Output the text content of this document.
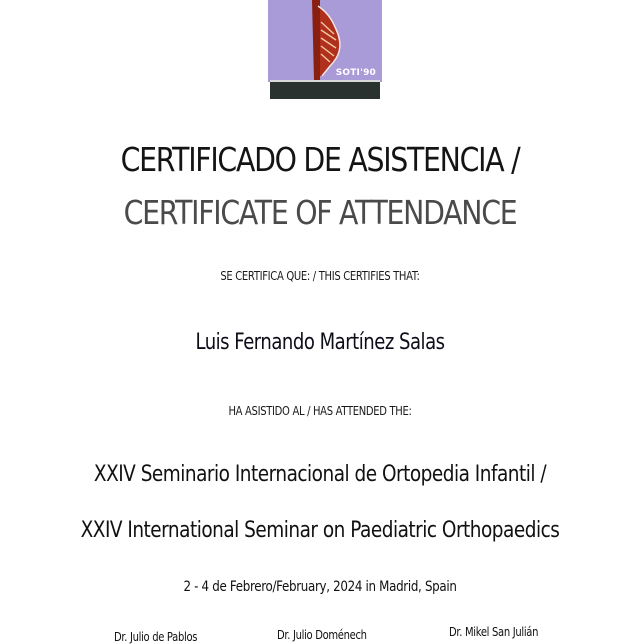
SOTI'90
CERTIFICADO DE ASISTENCIA /
CERTIFICATE OF ATTENDANCE
SE CERTIFICA QUE: / THIS CERTIFIES THAT:
Luis Fernando Martínez Salas
HA ASISTIDO AL / HAS ATTENDED THE:
XXIV Seminario Internacional de Ortopedia Infantil /
XXIV International Seminar on Paediatric Orthopaedics
2 - 4 de Febrero/February, 2024 in Madrid, Spain
Dr. Julio de Pablos	Dr. Julio Doménech	Dr. Mikel San Julián
